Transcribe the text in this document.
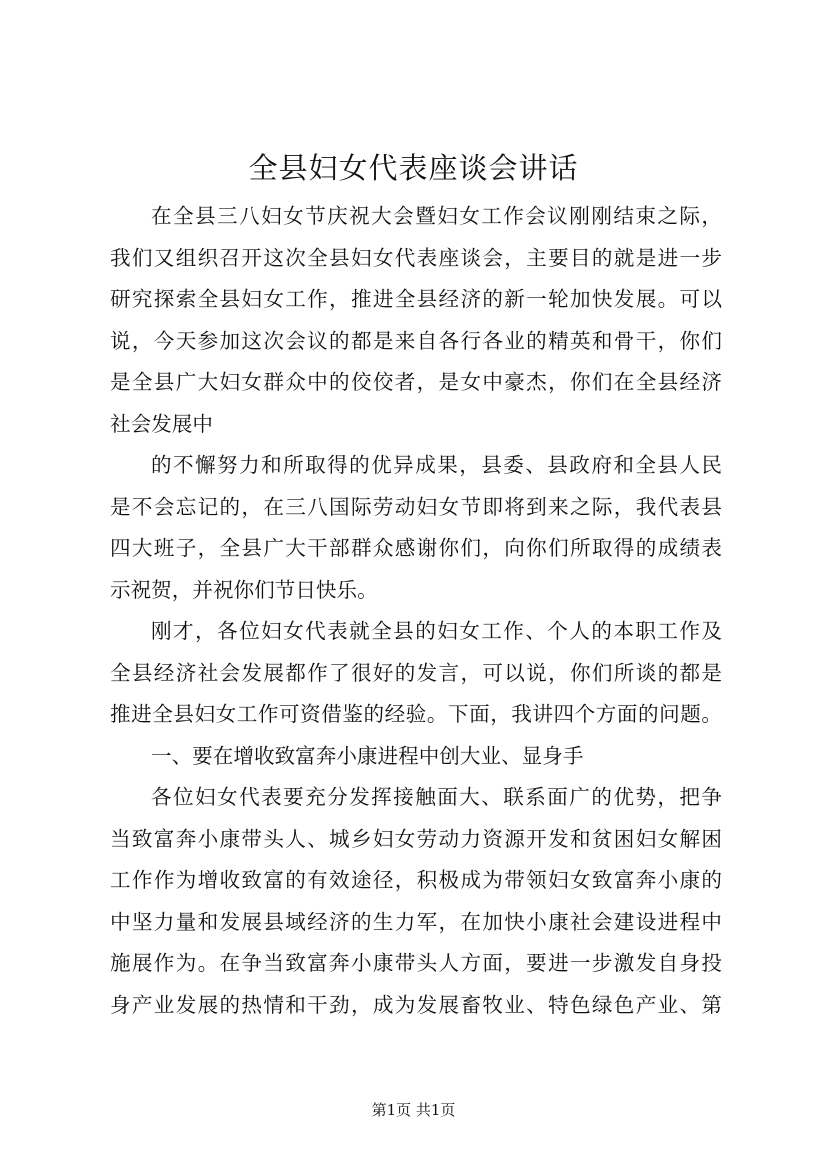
全县妇女代表座谈会讲话
在全县三八妇女节庆祝大会暨妇女工作会议刚刚结束之际，
我们又组织召开这次全县妇女代表座谈会，主要目的就是进一步
研究探索全县妇女工作，推进全县经济的新一轮加快发展。可以
说，今天参加这次会议的都是来自各行各业的精英和骨干，你们
是全县广大妇女群众中的佼佼者，是女中豪杰，你们在全县经济
社会发展中
的不懈努力和所取得的优异成果，县委、县政府和全县人民
是不会忘记的，在三八国际劳动妇女节即将到来之际，我代表县
四大班子，全县广大干部群众感谢你们，向你们所取得的成绩表
示祝贺，并祝你们节日快乐。
刚才，各位妇女代表就全县的妇女工作、个人的本职工作及
全县经济社会发展都作了很好的发言，可以说，你们所谈的都是
推进全县妇女工作可资借鉴的经验。下面，我讲四个方面的问题。
一、要在增收致富奔小康进程中创大业、显身手
各位妇女代表要充分发挥接触面大、联系面广的优势，把争
当致富奔小康带头人、城乡妇女劳动力资源开发和贫困妇女解困
工作作为增收致富的有效途径，积极成为带领妇女致富奔小康的
中坚力量和发展县域经济的生力军，在加快小康社会建设进程中
施展作为。在争当致富奔小康带头人方面，要进一步激发自身投
身产业发展的热情和干劲，成为发展畜牧业、特色绿色产业、第
第1页 共1页
